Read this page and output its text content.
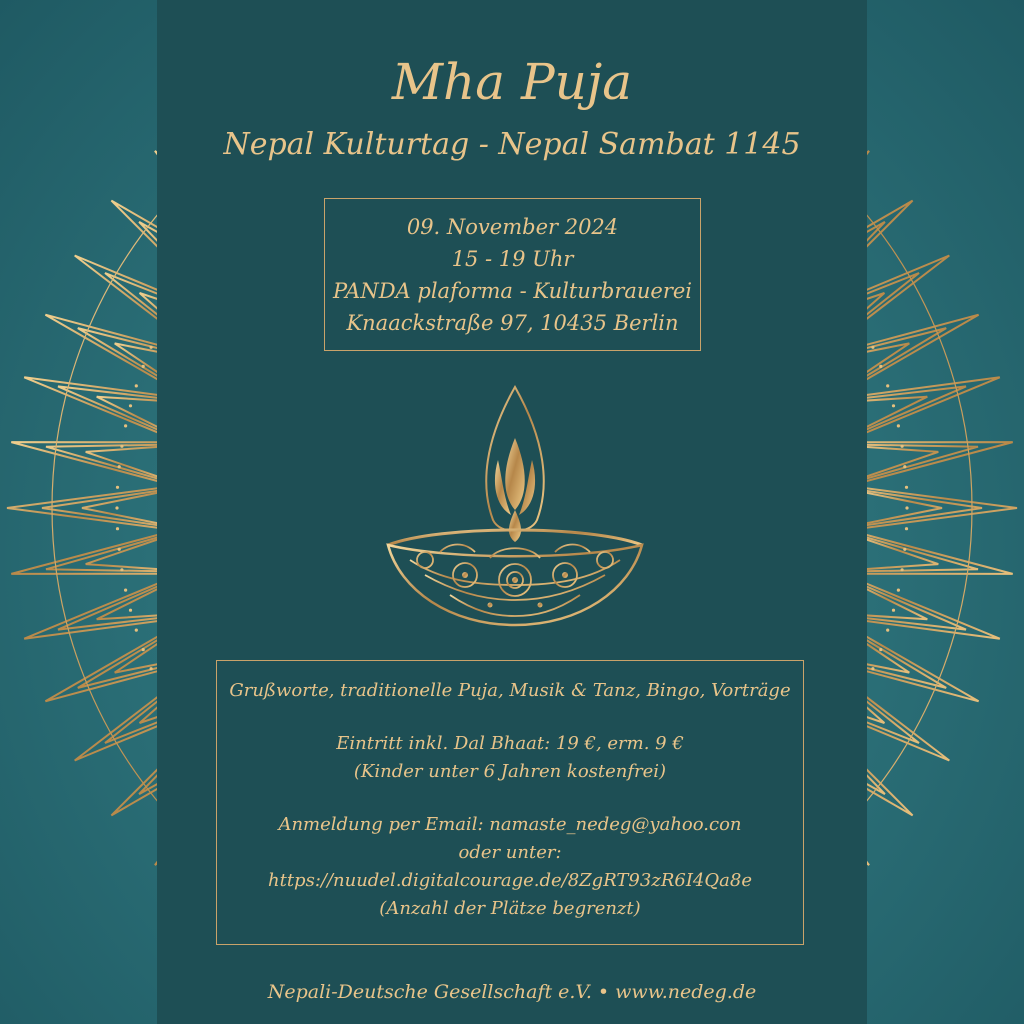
Mha Puja
Nepal Kulturtag - Nepal Sambat 1145
09. November 2024
15 - 19 Uhr
PANDA plaforma - Kulturbrauerei
Knaackstraße 97, 10435 Berlin
Grußworte, traditionelle Puja, Musik & Tanz, Bingo, Vorträge
Eintritt inkl. Dal Bhaat: 19 €, erm. 9 €
(Kinder unter 6 Jahren kostenfrei)
Anmeldung per Email: namaste_nedeg@yahoo.con
oder unter:
https://nuudel.digitalcourage.de/8ZgRT93zR6I4Qa8e
(Anzahl der Plätze begrenzt)
Nepali-Deutsche Gesellschaft e.V. • www.nedeg.de
